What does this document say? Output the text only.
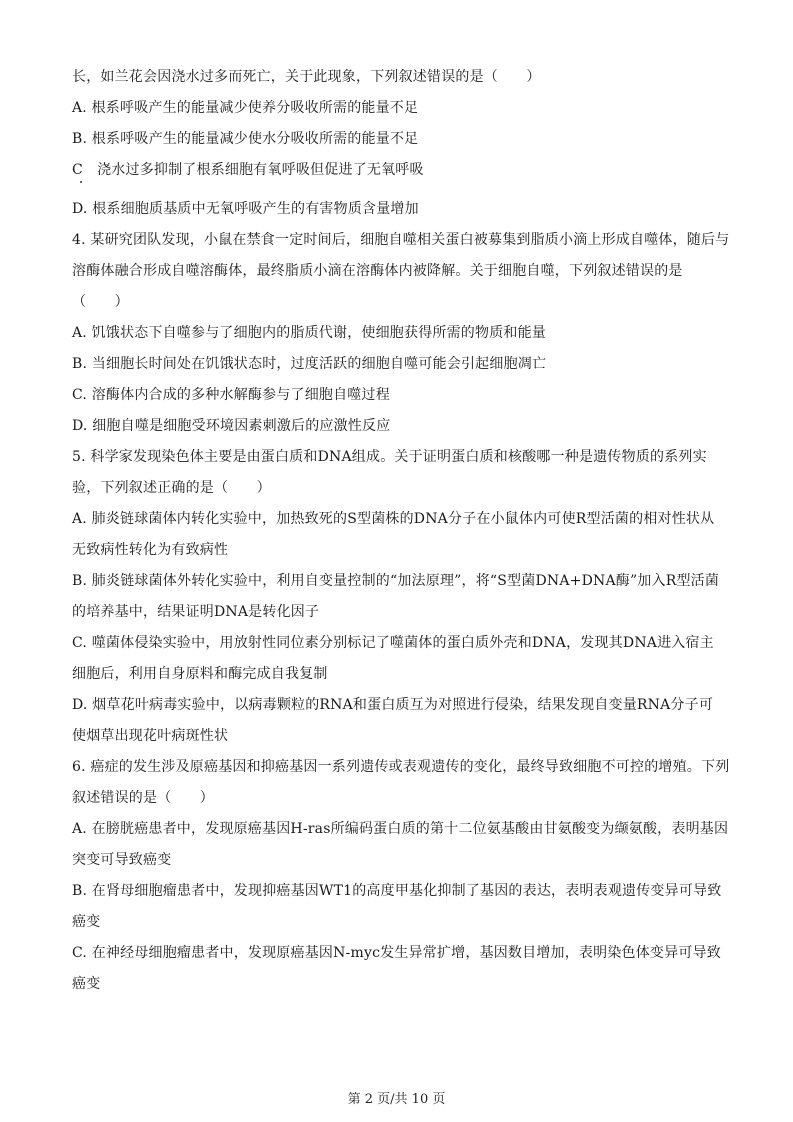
长，如兰花会因浇水过多而死亡，关于此现象，下列叙述错误的是（　　）
A. 根系呼吸产生的能量减少使养分吸收所需的能量不足
B. 根系呼吸产生的能量减少使水分吸收所需的能量不足
C　浇水过多抑制了根系细胞有氧呼吸但促进了无氧呼吸
D. 根系细胞质基质中无氧呼吸产生的有害物质含量增加
4. 某研究团队发现，小鼠在禁食一定时间后，细胞自噬相关蛋白被募集到脂质小滴上形成自噬体，随后与
溶酶体融合形成自噬溶酶体，最终脂质小滴在溶酶体内被降解。关于细胞自噬，下列叙述错误的是
（　　）
A. 饥饿状态下自噬参与了细胞内的脂质代谢，使细胞获得所需的物质和能量
B. 当细胞长时间处在饥饿状态时，过度活跃的细胞自噬可能会引起细胞凋亡
C. 溶酶体内合成的多种水解酶参与了细胞自噬过程
D. 细胞自噬是细胞受环境因素刺激后的应激性反应
5. 科学家发现染色体主要是由蛋白质和DNA组成。关于证明蛋白质和核酸哪一种是遗传物质的系列实
验，下列叙述正确的是（　　）
A. 肺炎链球菌体内转化实验中，加热致死的S型菌株的DNA分子在小鼠体内可使R型活菌的相对性状从
无致病性转化为有致病性
B. 肺炎链球菌体外转化实验中，利用自变量控制的“加法原理”，将“S型菌DNA+DNA酶”加入R型活菌
的培养基中，结果证明DNA是转化因子
C. 噬菌体侵染实验中，用放射性同位素分别标记了噬菌体的蛋白质外壳和DNA，发现其DNA进入宿主
细胞后，利用自身原料和酶完成自我复制
D. 烟草花叶病毒实验中，以病毒颗粒的RNA和蛋白质互为对照进行侵染，结果发现自变量RNA分子可
使烟草出现花叶病斑性状
6. 癌症的发生涉及原癌基因和抑癌基因一系列遗传或表观遗传的变化，最终导致细胞不可控的增殖。下列
叙述错误的是（　　）
A. 在膀胱癌患者中，发现原癌基因H-ras所编码蛋白质的第十二位氨基酸由甘氨酸变为缬氨酸，表明基因
突变可导致癌变
B. 在肾母细胞瘤患者中，发现抑癌基因WT1的高度甲基化抑制了基因的表达，表明表观遗传变异可导致
癌变
C. 在神经母细胞瘤患者中，发现原癌基因N-myc发生异常扩增，基因数目增加，表明染色体变异可导致
癌变
第 2 页/共 10 页
